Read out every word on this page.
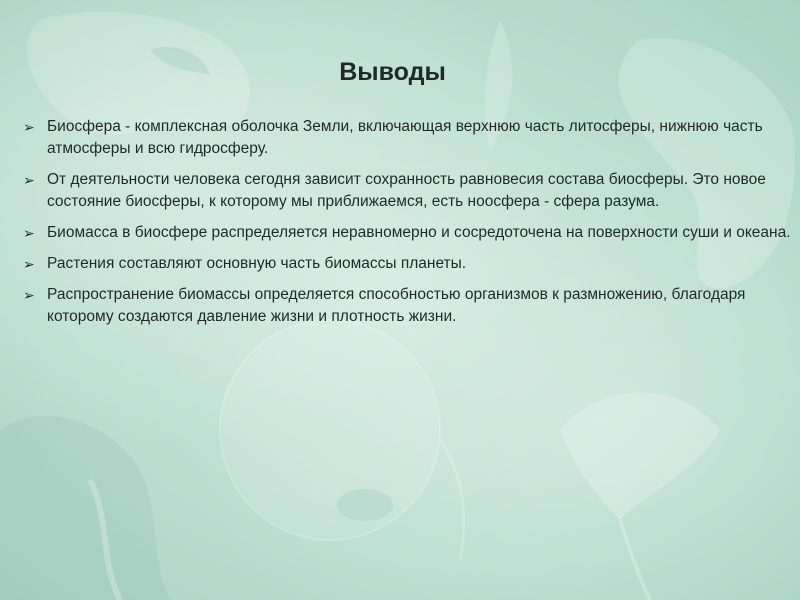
Выводы
➢ Биосфера - комплексная оболочка Земли, включающая верхнюю часть литосферы, нижнюю часть атмосферы и всю гидросферу.
➢ От деятельности человека сегодня зависит сохранность равновесия состава биосферы. Это новое состояние биосферы, к которому мы приближаемся, есть ноосфера - сфера разума.
➢ Биомасса в биосфере распределяется неравномерно и сосредоточена на поверхности суши и океана.
➢ Растения составляют основную часть биомассы планеты.
➢ Распространение биомассы определяется способностью организмов к размножению, благодаря которому создаются давление жизни и плотность жизни.
